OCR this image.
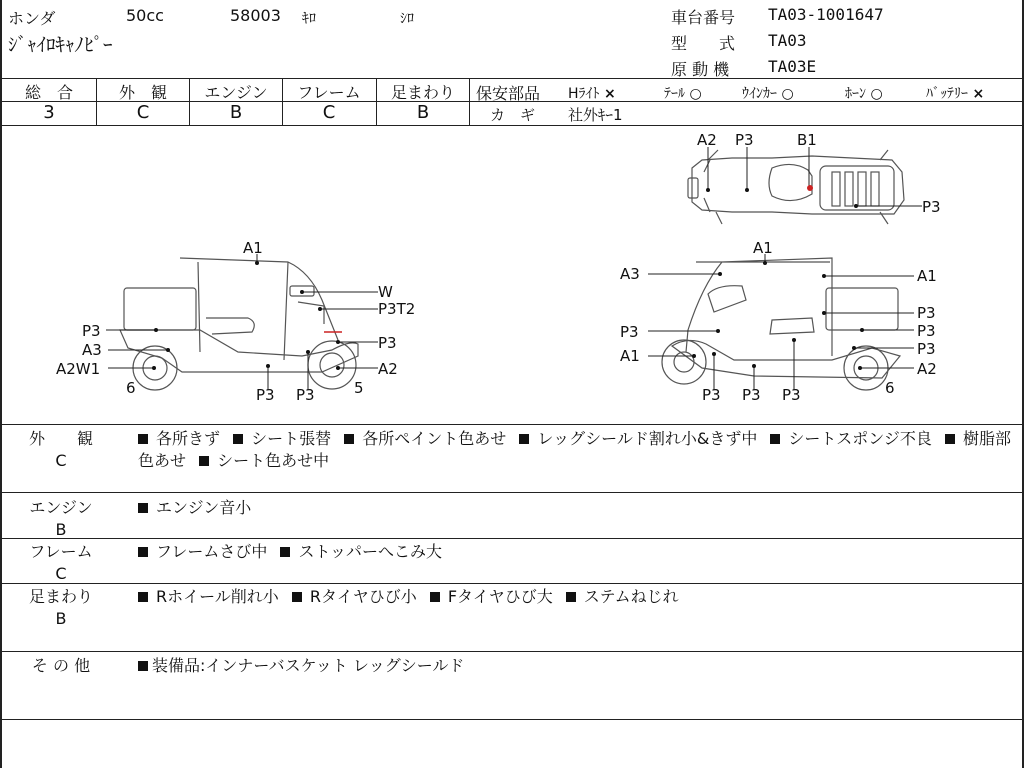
ホンダ	50cc	58003 ｷﾛ	ｼﾛ
ｼﾞｬｲﾛｷｬﾉﾋﾟｰ
車台番号 TA03-1001647
型　　式 TA03
原 動 機 TA03E
総　合
3
外　観
C
エンジン
B
フレーム
C
足まわり
B
保安部品 Hﾗｲﾄ ×	ﾃｰﾙ ○	ｳｲﾝｶｰ ○	ﾎｰﾝ ○	ﾊﾞｯﾃﾘｰ ×
カ　ギ 社外ｷｰ1
A2 P3	B1
P3
A1
W
P3T2
P3
P3
A3
A2W1	A2
6	5
P3 P3
A1
A3	A1
P3
P3
P3
P3
A1
A2
6
P3 P3 P3
外　　観
C
各所きず シート張替 各所ペイント色あせ レッグシールド割れ小&きず中 シートスポンジ不良 樹脂部色あせ シート色あせ中
エンジン
B
エンジン音小
フレーム
C
フレームさび中 ストッパーへこみ大
足まわり
B
Rホイール削れ小 Rタイヤひび小 Fタイヤひび大 ステムねじれ
そ の 他	装備品:インナーバスケット レッグシールド
